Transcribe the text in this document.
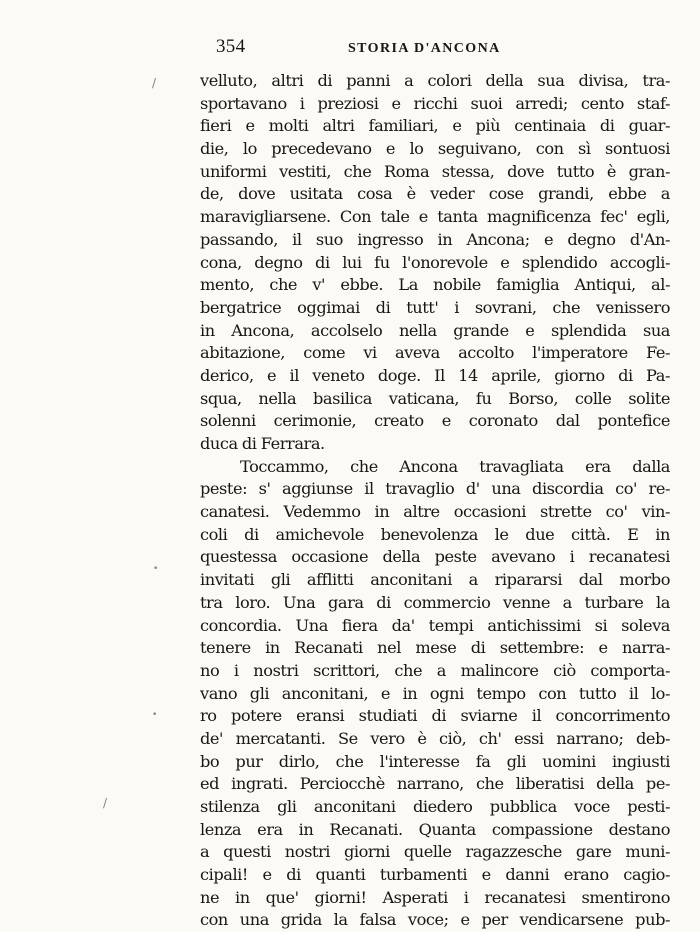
354	STORIA D'ANCONA
velluto, altri di panni a colori della sua divisa, tra-
sportavano i preziosi e ricchi suoi arredi; cento staf-
fieri e molti altri familiari, e più centinaia di guar-
die, lo precedevano e lo seguivano, con sì sontuosi
uniformi vestiti, che Roma stessa, dove tutto è gran-
de, dove usitata cosa è veder cose grandi, ebbe a
maravigliarsene. Con tale e tanta magnificenza fec' egli,
passando, il suo ingresso in Ancona; e degno d'An-
cona, degno di lui fu l'onorevole e splendido accogli-
mento, che v' ebbe. La nobile famiglia Antiqui, al-
bergatrice oggimai di tutt' i sovrani, che venissero
in Ancona, accolselo nella grande e splendida sua
abitazione, come vi aveva accolto l'imperatore Fe-
derico, e il veneto doge. Il 14 aprile, giorno di Pa-
squa, nella basilica vaticana, fu Borso, colle solite
solenni cerimonie, creato e coronato dal pontefice
duca di Ferrara.
Toccammo, che Ancona travagliata era dalla
peste: s' aggiunse il travaglio d' una discordia co' re-
canatesi. Vedemmo in altre occasioni strette co' vin-
coli di amichevole benevolenza le due città. E in
questessa occasione della peste avevano i recanatesi
invitati gli afflitti anconitani a ripararsi dal morbo
tra loro. Una gara di commercio venne a turbare la
concordia. Una fiera da' tempi antichissimi si soleva
tenere in Recanati nel mese di settembre: e narra-
no i nostri scrittori, che a malincore ciò comporta-
vano gli anconitani, e in ogni tempo con tutto il lo-
ro potere eransi studiati di sviarne il concorrimento
de' mercatanti. Se vero è ciò, ch' essi narrano; deb-
bo pur dirlo, che l'interesse fa gli uomini ingiusti
ed ingrati. Perciocchè narrano, che liberatisi della pe-
stilenza gli anconitani diedero pubblica voce pesti-
lenza era in Recanati. Quanta compassione destano
a questi nostri giorni quelle ragazzesche gare muni-
cipali! e di quanti turbamenti e danni erano cagio-
ne in que' giorni! Asperati i recanatesi smentirono
con una grida la falsa voce; e per vendicarsene pub-
/
•
•
/
